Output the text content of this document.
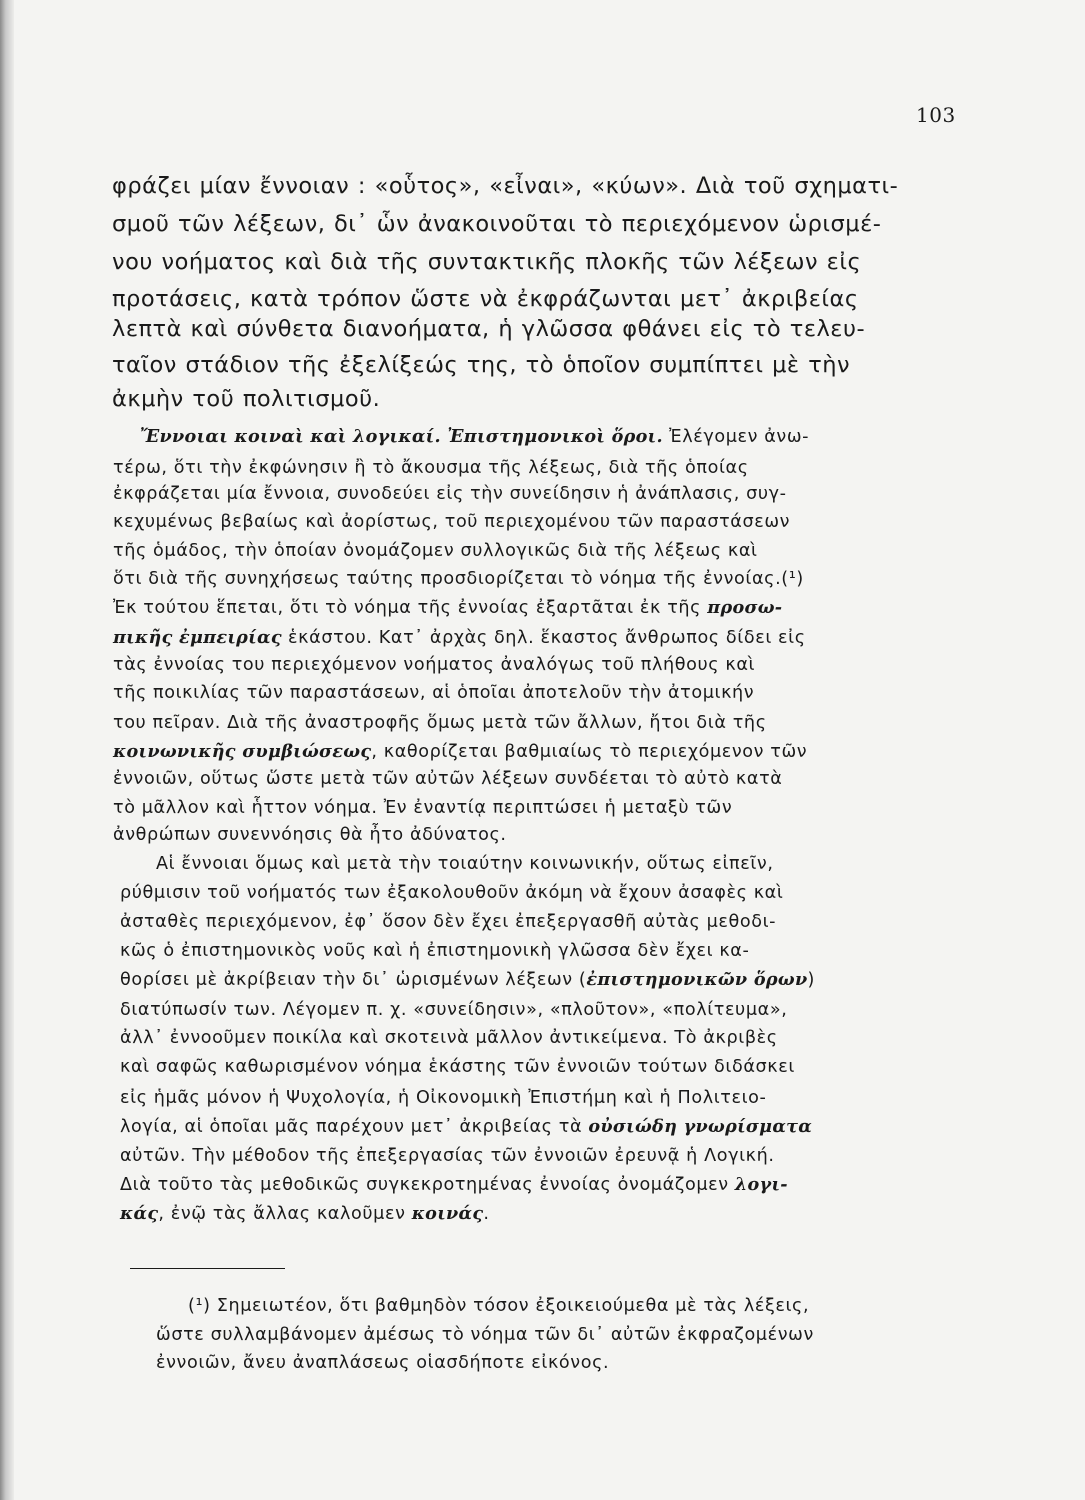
103
φράζει μίαν ἔννοιαν : «οὗτος», «εἶναι», «κύων». Διὰ τοῦ σχηματι-
σμοῦ τῶν λέξεων, δι᾿ ὧν ἀνακοινοῦται τὸ περιεχόμενον ὡρισμέ-
νου νοήματος καὶ διὰ τῆς συντακτικῆς πλοκῆς τῶν λέξεων εἰς
προτάσεις, κατὰ τρόπον ὥστε νὰ ἐκφράζωνται μετ᾿ ἀκριβείας
λεπτὰ καὶ σύνθετα διανοήματα, ἡ γλῶσσα φθάνει εἰς τὸ τελευ-
ταῖον στάδιον τῆς ἐξελίξεώς της, τὸ ὁποῖον συμπίπτει μὲ τὴν
ἀκμὴν τοῦ πολιτισμοῦ.
Ἔννοιαι κοιναὶ καὶ λογικαί. Ἐπιστημονικοὶ ὅροι. Ἐλέγομεν ἀνω-
τέρω, ὅτι τὴν ἐκφώνησιν ἢ τὸ ἄκουσμα τῆς λέξεως, διὰ τῆς ὁποίας
ἐκφράζεται μία ἔννοια, συνοδεύει εἰς τὴν συνείδησιν ἡ ἀνάπλασις, συγ-
κεχυμένως βεβαίως καὶ ἀορίστως, τοῦ περιεχομένου τῶν παραστάσεων
τῆς ὁμάδος, τὴν ὁποίαν ὀνομάζομεν συλλογικῶς διὰ τῆς λέξεως καὶ
ὅτι διὰ τῆς συνηχήσεως ταύτης προσδιορίζεται τὸ νόημα τῆς ἐννοίας.(¹)
Ἐκ τούτου ἕπεται, ὅτι τὸ νόημα τῆς ἐννοίας ἐξαρτᾶται ἐκ τῆς προσω-
πικῆς ἐμπειρίας ἑκάστου. Κατ᾿ ἀρχὰς δηλ. ἕκαστος ἄνθρωπος δίδει εἰς
τὰς ἐννοίας του περιεχόμενον νοήματος ἀναλόγως τοῦ πλήθους καὶ
τῆς ποικιλίας τῶν παραστάσεων, αἱ ὁποῖαι ἀποτελοῦν τὴν ἀτομικήν
του πεῖραν. Διὰ τῆς ἀναστροφῆς ὅμως μετὰ τῶν ἄλλων, ἤτοι διὰ τῆς
κοινωνικῆς συμβιώσεως, καθορίζεται βαθμιαίως τὸ περιεχόμενον τῶν
ἐννοιῶν, οὕτως ὥστε μετὰ τῶν αὐτῶν λέξεων συνδέεται τὸ αὐτὸ κατὰ
τὸ μᾶλλον καὶ ἧττον νόημα. Ἐν ἐναντίᾳ περιπτώσει ἡ μεταξὺ τῶν
ἀνθρώπων συνεννόησις θὰ ἦτο ἀδύνατος.
Αἱ ἔννοιαι ὅμως καὶ μετὰ τὴν τοιαύτην κοινωνικήν, οὕτως εἰπεῖν,
ρύθμισιν τοῦ νοήματός των ἐξακολουθοῦν ἀκόμη νὰ ἔχουν ἀσαφὲς καὶ
ἀσταθὲς περιεχόμενον, ἐφ᾿ ὅσον δὲν ἔχει ἐπεξεργασθῆ αὐτὰς μεθοδι-
κῶς ὁ ἐπιστημονικὸς νοῦς καὶ ἡ ἐπιστημονικὴ γλῶσσα δὲν ἔχει κα-
θορίσει μὲ ἀκρίβειαν τὴν δι᾿ ὡρισμένων λέξεων (ἐπιστημονικῶν ὅρων)
διατύπωσίν των. Λέγομεν π. χ. «συνείδησιν», «πλοῦτον», «πολίτευμα»,
ἀλλ᾿ ἐννοοῦμεν ποικίλα καὶ σκοτεινὰ μᾶλλον ἀντικείμενα. Τὸ ἀκριβὲς
καὶ σαφῶς καθωρισμένον νόημα ἑκάστης τῶν ἐννοιῶν τούτων διδάσκει
εἰς ἡμᾶς μόνον ἡ Ψυχολογία, ἡ Οἰκονομικὴ Ἐπιστήμη καὶ ἡ Πολιτειο-
λογία, αἱ ὁποῖαι μᾶς παρέχουν μετ᾿ ἀκριβείας τὰ οὐσιώδη γνωρίσματα
αὐτῶν. Τὴν μέθοδον τῆς ἐπεξεργασίας τῶν ἐννοιῶν ἐρευνᾷ ἡ Λογική.
Διὰ τοῦτο τὰς μεθοδικῶς συγκεκροτημένας ἐννοίας ὀνομάζομεν λογι-
κάς, ἐνῷ τὰς ἄλλας καλοῦμεν κοινάς.
(¹) Σημειωτέον, ὅτι βαθμηδὸν τόσον ἐξοικειούμεθα μὲ τὰς λέξεις,
ὥστε συλλαμβάνομεν ἀμέσως τὸ νόημα τῶν δι᾿ αὐτῶν ἐκφραζομένων
ἐννοιῶν, ἄνευ ἀναπλάσεως οἱασδήποτε εἰκόνος.
